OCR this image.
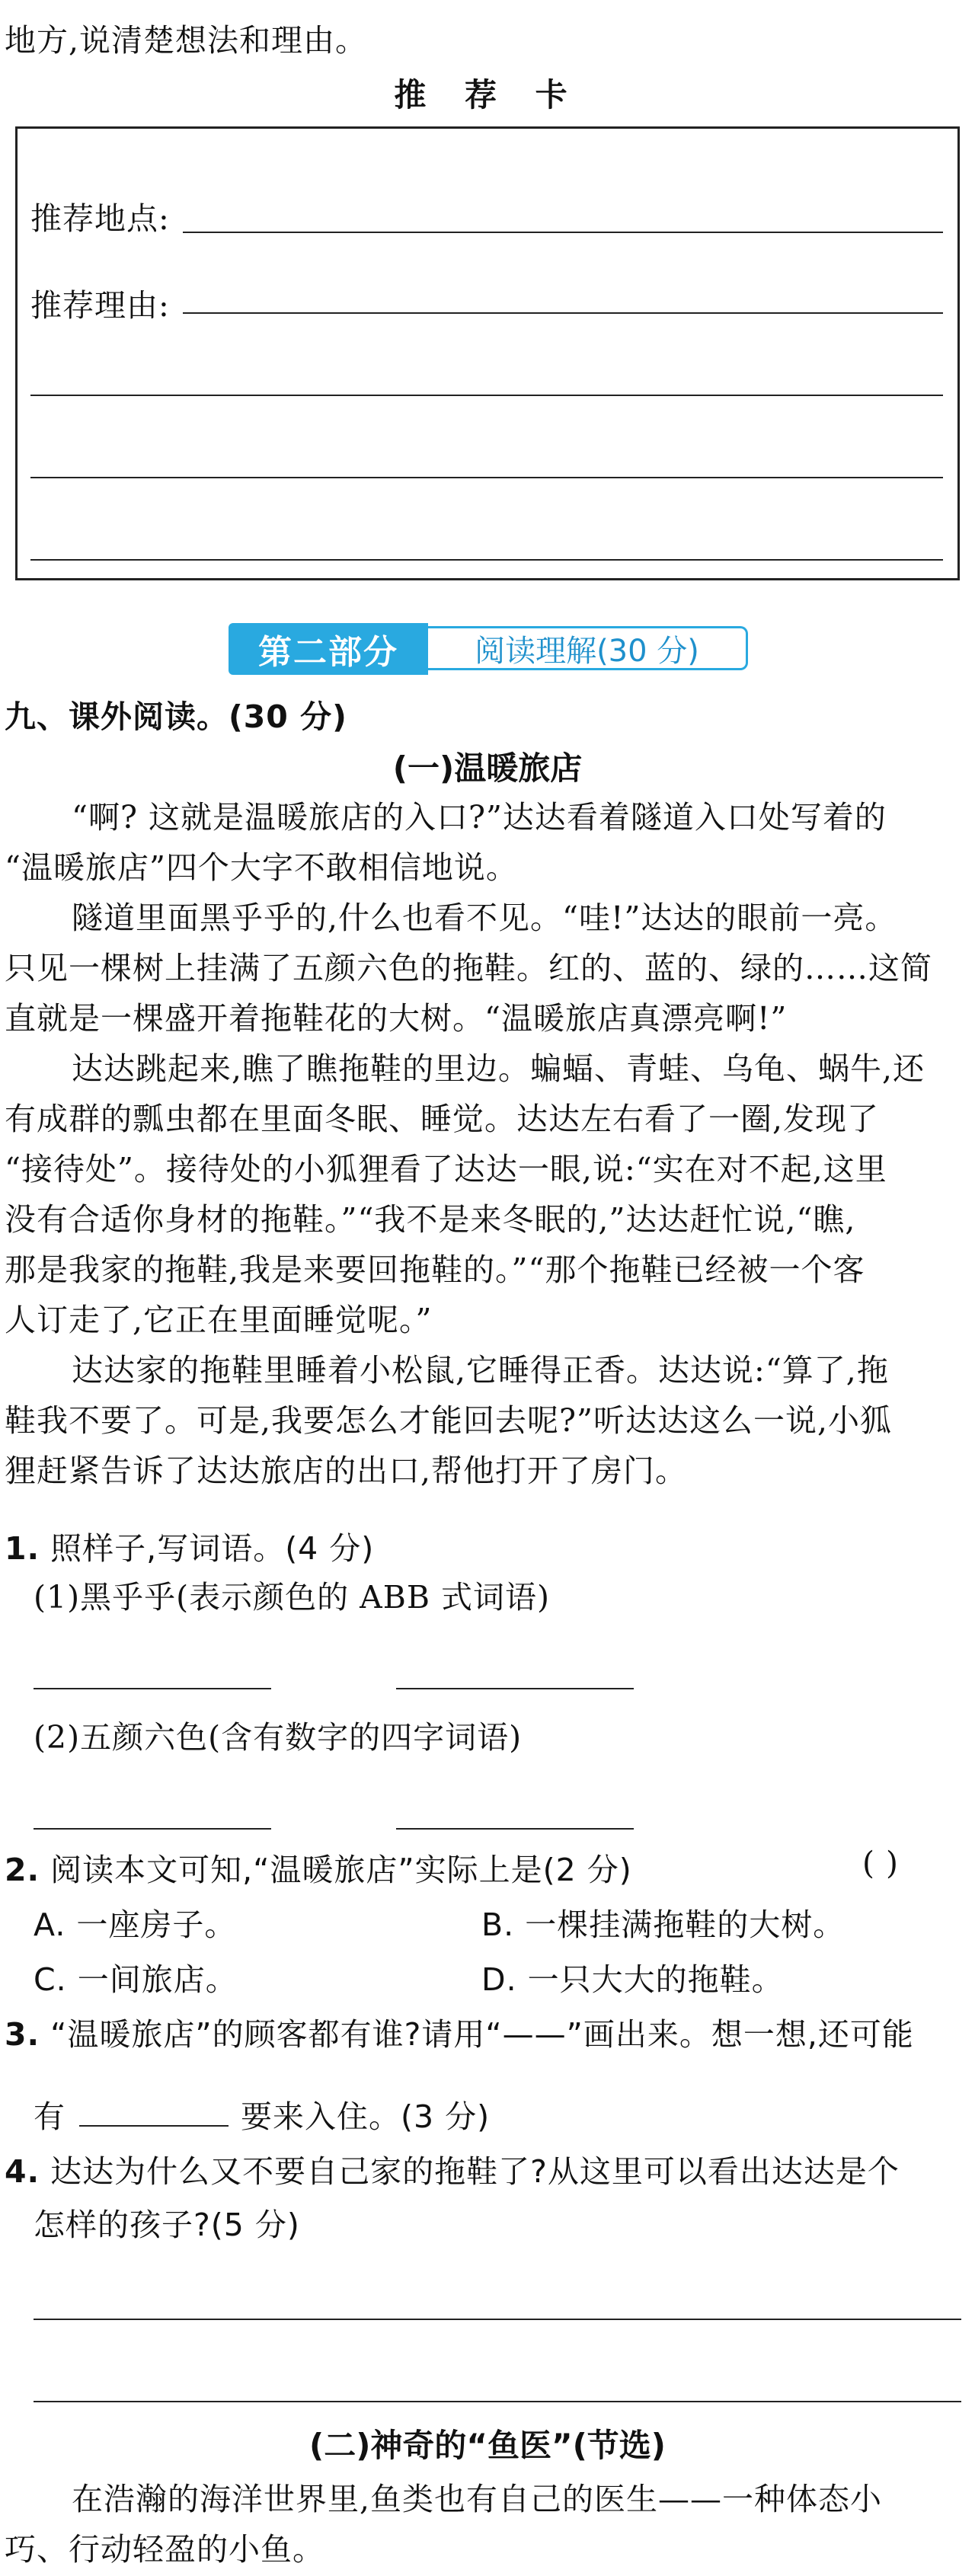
地方,说清楚想法和理由。
推 荐 卡
推荐地点:
推荐理由:
阅读理解(30 分)
第二部分
九、课外阅读。(30 分)
(一)温暖旅店
“啊? 这就是温暖旅店的入口?”达达看着隧道入口处写着的
“温暖旅店”四个大字不敢相信地说。
隧道里面黑乎乎的,什么也看不见。“哇!”达达的眼前一亮。
只见一棵树上挂满了五颜六色的拖鞋。红的、蓝的、绿的……这简
直就是一棵盛开着拖鞋花的大树。“温暖旅店真漂亮啊!”
达达跳起来,瞧了瞧拖鞋的里边。蝙蝠、青蛙、乌龟、蜗牛,还
有成群的瓢虫都在里面冬眠、睡觉。达达左右看了一圈,发现了
“接待处”。接待处的小狐狸看了达达一眼,说:“实在对不起,这里
没有合适你身材的拖鞋。”“我不是来冬眠的,”达达赶忙说,“瞧,
那是我家的拖鞋,我是来要回拖鞋的。”“那个拖鞋已经被一个客
人订走了,它正在里面睡觉呢。”
达达家的拖鞋里睡着小松鼠,它睡得正香。达达说:“算了,拖
鞋我不要了。可是,我要怎么才能回去呢?”听达达这么一说,小狐
狸赶紧告诉了达达旅店的出口,帮他打开了房门。
1. 照样子,写词语。(4 分)
(1)黑乎乎(表示颜色的 ABB 式词语)
(2)五颜六色(含有数字的四字词语)
2. 阅读本文可知,“温暖旅店”实际上是(2 分)	( )
A. 一座房子。	B. 一棵挂满拖鞋的大树。
C. 一间旅店。	D. 一只大大的拖鞋。
3. “温暖旅店”的顾客都有谁?请用“——”画出来。想一想,还可能
有	要来入住。(3 分)
4. 达达为什么又不要自己家的拖鞋了?从这里可以看出达达是个
怎样的孩子?(5 分)
(二)神奇的“鱼医”(节选)
在浩瀚的海洋世界里,鱼类也有自己的医生——一种体态小
巧、行动轻盈的小鱼。
